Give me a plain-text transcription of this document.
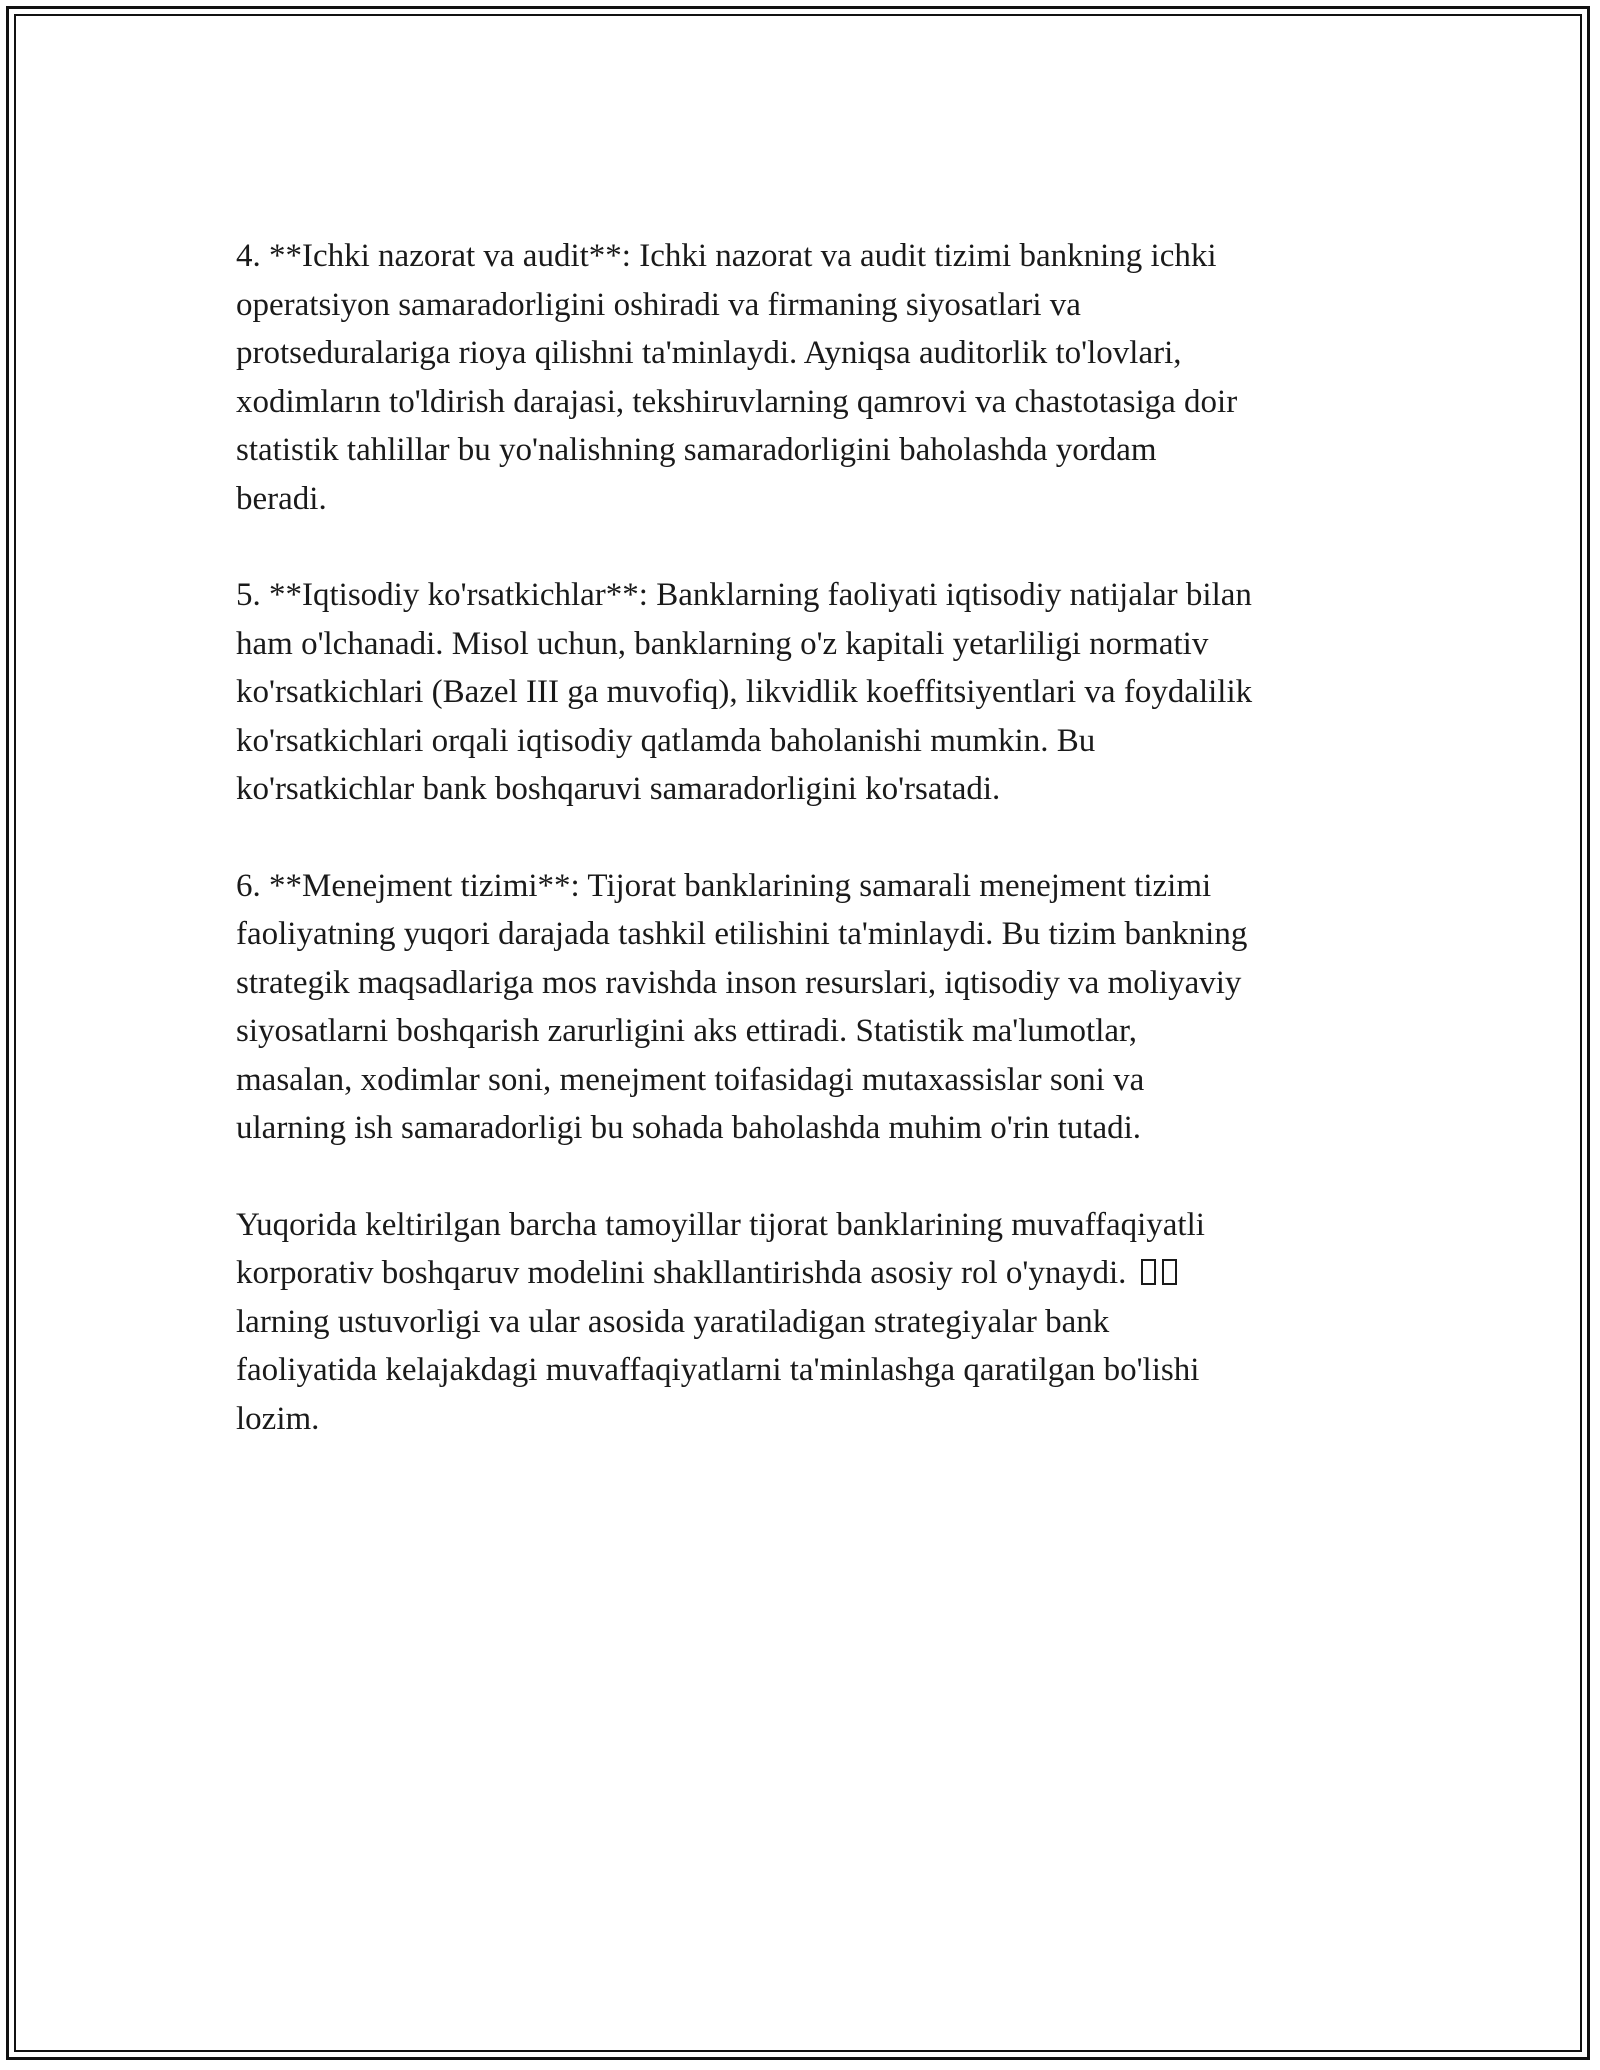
4. **Ichki nazorat va audit**: Ichki nazorat va audit tizimi bankning ichki
operatsiyon samaradorligini oshiradi va firmaning siyosatlari va
protseduralariga rioya qilishni ta'minlaydi. Ayniqsa auditorlik to'lovlari,
xodimların to'ldirish darajasi, tekshiruvlarning qamrovi va chastotasiga doir
statistik tahlillar bu yo'nalishning samaradorligini baholashda yordam
beradi.

5. **Iqtisodiy ko'rsatkichlar**: Banklarning faoliyati iqtisodiy natijalar bilan
ham o'lchanadi. Misol uchun, banklarning o'z kapitali yetarliligi normativ
ko'rsatkichlari (Bazel III ga muvofiq), likvidlik koeffitsiyentlari va foydalilik
ko'rsatkichlari orqali iqtisodiy qatlamda baholanishi mumkin. Bu
ko'rsatkichlar bank boshqaruvi samaradorligini ko'rsatadi.

6. **Menejment tizimi**: Tijorat banklarining samarali menejment tizimi
faoliyatning yuqori darajada tashkil etilishini ta'minlaydi. Bu tizim bankning
strategik maqsadlariga mos ravishda inson resurslari, iqtisodiy va moliyaviy
siyosatlarni boshqarish zarurligini aks ettiradi. Statistik ma'lumotlar,
masalan, xodimlar soni, menejment toifasidagi mutaxassislar soni va
ularning ish samaradorligi bu sohada baholashda muhim o'rin tutadi.

Yuqorida keltirilgan barcha tamoyillar tijorat banklarining muvaffaqiyatli
korporativ boshqaruv modelini shakllantirishda asosiy rol o'ynaydi.
larning ustuvorligi va ular asosida yaratiladigan strategiyalar bank
faoliyatida kelajakdagi muvaffaqiyatlarni ta'minlashga qaratilgan bo'lishi
lozim.
